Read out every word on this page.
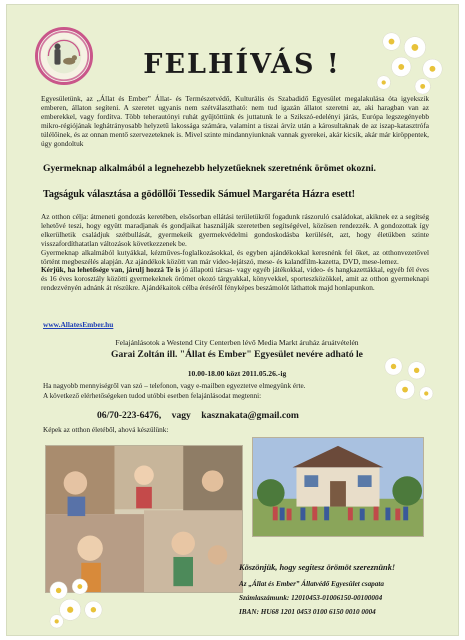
FELHÍVÁS !
Egyesületünk, az „Állat és Ember” Állat- és Természetvédő, Kulturális és Szabadidő Egyesület megalakulása óta igyekszik emberen, állaton segíteni. A szeretet ugyanis nem szétválasztható: nem tud igazán állatot szeretni az, aki haragban van az emberekkel, vagy fordítva. Több teherautónyi ruhát gyűjtöttünk és juttatunk le a Szikszó-edelényi járás, Európa legszegényebb mikro-régiójának leghátrányosabb helyzetű lakossága számára, valamint a tiszai árvíz után a károsultaknak de az iszap-katasztrófa túlélőinek, és az onnan mentő szervezeteknek is. Mivel szinte mindannyiunknak vannak gyerekei, akár kicsik, akár már kiröppentek, úgy gondoltuk
Gyermeknap alkalmából a legnehezebb helyzetűeknek szeretnénk örömet okozni.
Tagságuk választása a gödöllői Tessedik Sámuel Margaréta Házra esett!

Az otthon célja: átmeneti gondozás keretében, elsősorban ellátási területükről fogadunk rászoruló családokat, akiknek ez a segítség lehetővé teszi, hogy együtt maradjanak és gondjaikat használják szeretetben segítségével, közösen rendezzék. A gondozottak így elkerülhetik családjuk szétbullását, gyermekeik gyermekvédelmi gondoskodásba kerülését, azt, hogy életükben szinte visszafordíthatatlan változások következzenek be.

Gyermeknap alkalmából kutyákkal, kézműves-foglalkozásokkal, és egyben ajándékokkal keresnénk fel őket, az otthonvezetővel történt megbeszélés alapján. Az ajándékok között van már video-lejátszó, mese- és kalandfilm-kazetta, DVD, mese-lemez.

Kérjük, ha lehetősége van, járulj hozzá Te is jó állapotú társas- vagy egyéb játékokkal, video- és hangkazettákkal, egyéb fél éves és 16 éves korosztály közötti gyermekeknek örömet okozó tárgyakkal, könyvekkel, sporteszközökkel, amit az otthon gyermeknapi rendezvényén adnánk át részükre. Ajándékaitok célba éréséről fényképes beszámolót láthattok majd honlapunkon.

www.AllatesEmber.hu
Felajánlásotok a Westend City Centerben lévő Media Markt áruház áruátvételén
Garai Zoltán ill. "Állat és Ember" Egyesület nevére adható le
10.00-18.00 közt 2011.05.26.-ig
Ha nagyobb mennyiségről van szó – telefonon, vagy e-mailben egyeztetve elmegyünk érte.
A következő elérhetőségeken tudod utóbbi esetben felajánlásodat megtenni:
06/70-223-6476, vagy kasznakata@gmail.com
Képek az otthon életéből, ahová készülünk:
Köszönjük, hogy segítesz örömöt szereznünk!
Az „Állat és Ember” Állatvédő Egyesület csapata
Számlaszámunk: 12010453-01006150-00100004
IBAN: HU68 1201 0453 0100 6150 0010 0004
